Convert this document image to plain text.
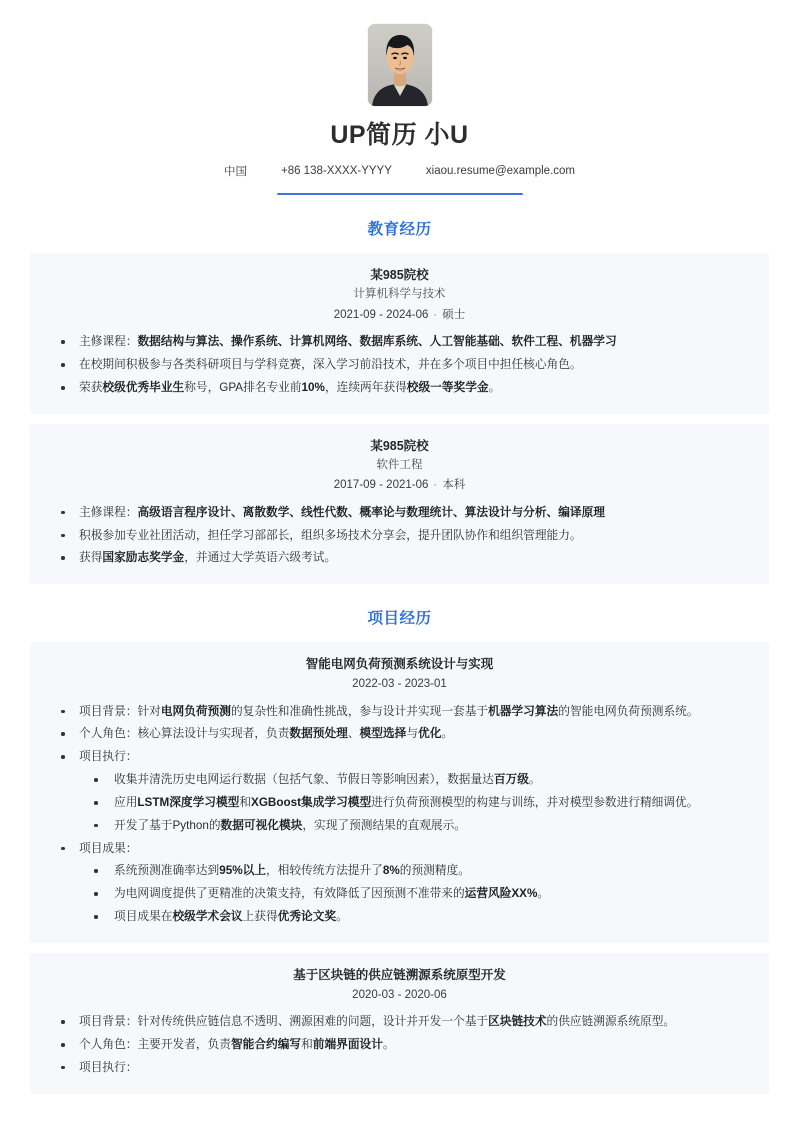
UP简历 小U
中国	+86 138-XXXX-YYYY	xiaou.resume@example.com
教育经历
某985院校
计算机科学与技术
2021-09 - 2024-06 · 硕士
主修课程：数据结构与算法、操作系统、计算机网络、数据库系统、人工智能基础、软件工程、机器学习
在校期间积极参与各类科研项目与学科竞赛，深入学习前沿技术，并在多个项目中担任核心角色。
荣获校级优秀毕业生称号，GPA排名专业前10%，连续两年获得校级一等奖学金。
某985院校
软件工程
2017-09 - 2021-06 · 本科
主修课程：高级语言程序设计、离散数学、线性代数、概率论与数理统计、算法设计与分析、编译原理
积极参加专业社团活动，担任学习部部长，组织多场技术分享会，提升团队协作和组织管理能力。
获得国家励志奖学金，并通过大学英语六级考试。
项目经历
智能电网负荷预测系统设计与实现
2022-03 - 2023-01
项目背景：针对电网负荷预测的复杂性和准确性挑战，参与设计并实现一套基于机器学习算法的智能电网负荷预测系统。
个人角色：核心算法设计与实现者，负责数据预处理、模型选择与优化。
项目执行：
收集并清洗历史电网运行数据（包括气象、节假日等影响因素），数据量达百万级。
应用LSTM深度学习模型和XGBoost集成学习模型进行负荷预测模型的构建与训练，并对模型参数进行精细调优。
开发了基于Python的数据可视化模块，实现了预测结果的直观展示。
项目成果：
系统预测准确率达到95%以上，相较传统方法提升了8%的预测精度。
为电网调度提供了更精准的决策支持，有效降低了因预测不准带来的运营风险XX%。
项目成果在校级学术会议上获得优秀论文奖。
基于区块链的供应链溯源系统原型开发
2020-03 - 2020-06
项目背景：针对传统供应链信息不透明、溯源困难的问题，设计并开发一个基于区块链技术的供应链溯源系统原型。
个人角色：主要开发者，负责智能合约编写和前端界面设计。
项目执行：
